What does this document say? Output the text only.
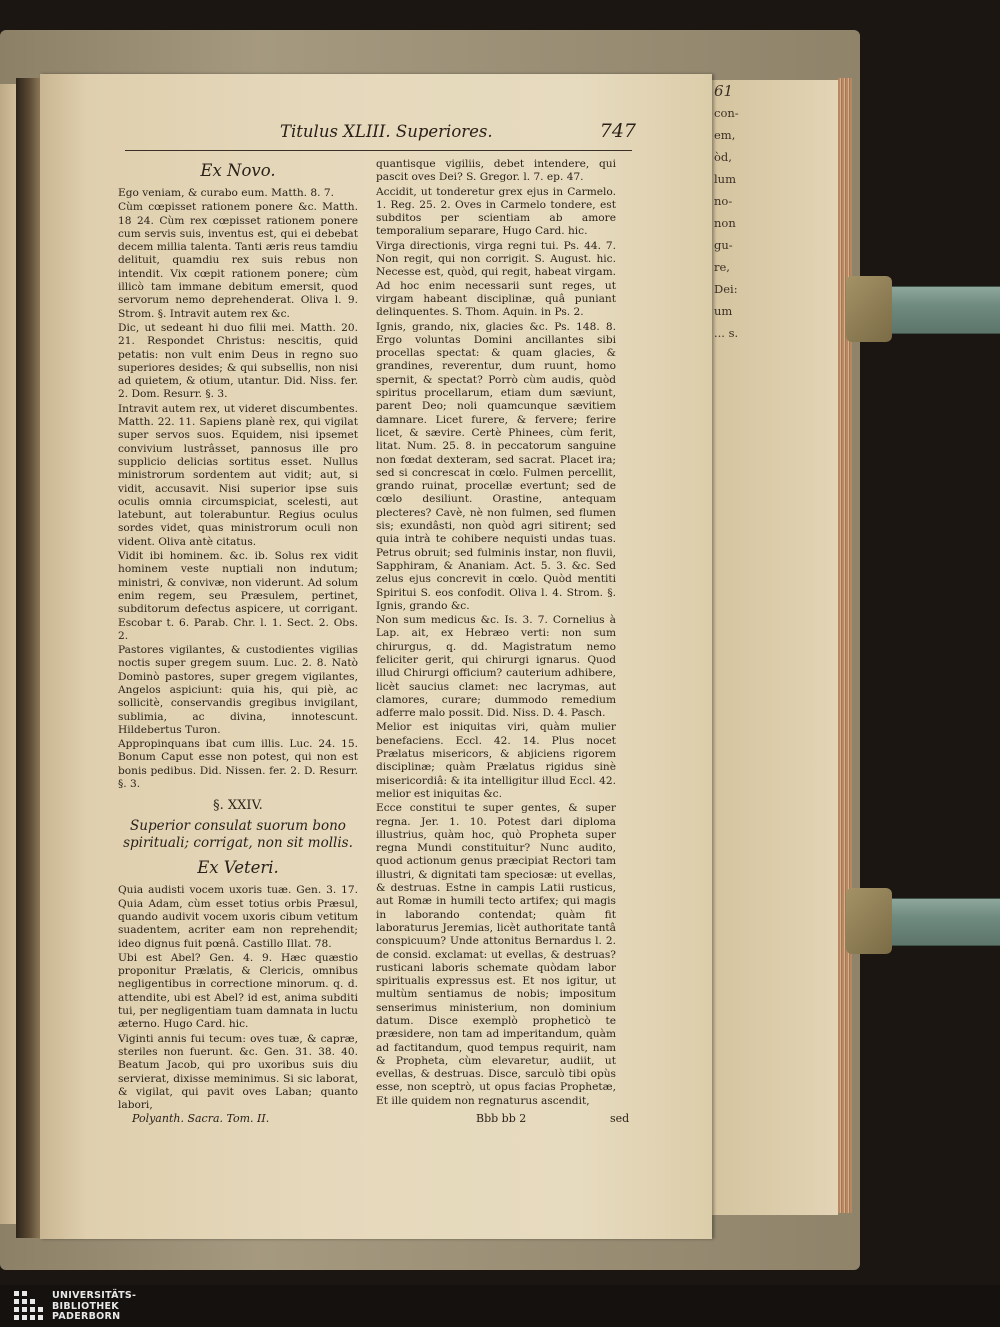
61
con-
em,
òd,
lum
no-
non
gu-
re,
Dei:
um
... s.
Titulus XLIII. Superiores.	747
Ex Novo.

Ego veniam, & curabo eum. Matth. 8. 7.

Cùm cœpisset rationem ponere &c. Matth. 18 24. Cùm rex cœpisset rationem ponere cum servis suis, inventus est, qui ei debebat decem millia talenta. Tanti æris reus tamdiu delituit, quamdiu rex suis rebus non intendit. Vix cœpit rationem ponere; cùm illicò tam immane debitum emersit, quod servorum nemo deprehenderat. Oliva l. 9. Strom. §. Intravit autem rex &c.

Dic, ut sedeant hi duo filii mei. Matth. 20. 21. Respondet Christus: nescitis, quid petatis: non vult enim Deus in regno suo superiores desides; & qui subsellis, non nisi ad quietem, & otium, utantur. Did. Niss. fer. 2. Dom. Resurr. §. 3.

Intravit autem rex, ut videret discumbentes. Matth. 22. 11. Sapiens planè rex, qui vigilat super servos suos. Equidem, nisi ipsemet convivium lustrâsset, pannosus ille pro supplicio delicias sortitus esset. Nullus ministrorum sordentem aut vidit; aut, si vidit, accusavit. Nisi superior ipse suis oculis omnia circumspiciat, scelesti, aut latebunt, aut tolerabuntur. Regius oculus sordes videt, quas ministrorum oculi non vident. Oliva antè citatus.

Vidit ibi hominem. &c. ib. Solus rex vidit hominem veste nuptiali non indutum; ministri, & convivæ, non viderunt. Ad solum enim regem, seu Præsulem, pertinet, subditorum defectus aspicere, ut corrigant. Escobar t. 6. Parab. Chr. l. 1. Sect. 2. Obs. 2.

Pastores vigilantes, & custodientes vigilias noctis super gregem suum. Luc. 2. 8. Natò Dominò pastores, super gregem vigilantes, Angelos aspiciunt: quia his, qui piè, ac sollicitè, conservandis gregibus invigilant, sublimia, ac divina, innotescunt. Hildebertus Turon.

Appropinquans ibat cum illis. Luc. 24. 15. Bonum Caput esse non potest, qui non est bonis pedibus. Did. Nissen. fer. 2. D. Resurr. §. 3.

§. XXIV.
Superior consulat suorum bono spirituali; corrigat, non sit mollis.
Ex Veteri.

Quia audisti vocem uxoris tuæ. Gen. 3. 17. Quia Adam, cùm esset totius orbis Præsul, quando audivit vocem uxoris cibum vetitum suadentem, acriter eam non reprehendit; ideo dignus fuit pœnâ. Castillo Illat. 78.

Ubi est Abel? Gen. 4. 9. Hæc quæstio proponitur Prælatis, & Clericis, omnibus negligentibus in correctione minorum. q. d. attendite, ubi est Abel? id est, anima subditi tui, per negligentiam tuam damnata in luctu æterno. Hugo Card. hic.

Viginti annis fui tecum: oves tuæ, & capræ, steriles non fuerunt. &c. Gen. 31. 38. 40. Beatum Jacob, qui pro uxoribus suis diu servierat, dixisse meminimus. Si sic laborat, & vigilat, qui pavit oves Laban; quanto labori,

quantisque vigiliis, debet intendere, qui pascit oves Dei? S. Gregor. l. 7. ep. 47.

Accidit, ut tonderetur grex ejus in Carmelo. 1. Reg. 25. 2. Oves in Carmelo tondere, est subditos per scientiam ab amore temporalium separare, Hugo Card. hic.

Virga directionis, virga regni tui. Ps. 44. 7. Non regit, qui non corrigit. S. August. hic. Necesse est, quòd, qui regit, habeat virgam. Ad hoc enim necessarii sunt reges, ut virgam habeant disciplinæ, quâ puniant delinquentes. S. Thom. Aquin. in Ps. 2.

Ignis, grando, nix, glacies &c. Ps. 148. 8. Ergo voluntas Domini ancillantes sibi procellas spectat: & quam glacies, & grandines, reverentur, dum ruunt, homo spernit, & spectat? Porrò cùm audis, quòd spiritus procellarum, etiam dum sæviunt, parent Deo; noli quamcunque sævitiem damnare. Licet furere, & fervere; ferire licet, & sævire. Certè Phinees, cùm ferit, litat. Num. 25. 8. in peccatorum sanguine non fœdat dexteram, sed sacrat. Placet ira; sed si concrescat in cœlo. Fulmen percellit, grando ruinat, procellæ evertunt; sed de cœlo desiliunt. Orastine, antequam plecteres? Cavè, nè non fulmen, sed flumen sis; exundâsti, non quòd agri sitirent; sed quia intrà te cohibere nequisti undas tuas. Petrus obruit; sed fulminis instar, non fluvii, Sapphiram, & Ananiam. Act. 5. 3. &c. Sed zelus ejus concrevit in cœlo. Quòd mentiti Spiritui S. eos confodit. Oliva l. 4. Strom. §. Ignis, grando &c.

Non sum medicus &c. Is. 3. 7. Cornelius à Lap. ait, ex Hebræo verti: non sum chirurgus, q. dd. Magistratum nemo feliciter gerit, qui chirurgi ignarus. Quod illud Chirurgi officium? cauterium adhibere, licèt saucius clamet: nec lacrymas, aut clamores, curare; dummodo remedium adferre malo possit. Did. Niss. D. 4. Pasch.

Melior est iniquitas viri, quàm mulier benefaciens. Eccl. 42. 14. Plus nocet Prælatus misericors, & abjiciens rigorem disciplinæ; quàm Prælatus rigidus sinè misericordiâ: & ita intelligitur illud Eccl. 42. melior est iniquitas &c.

Ecce constitui te super gentes, & super regna. Jer. 1. 10. Potest dari diploma illustrius, quàm hoc, quò Propheta super regna Mundi constituitur? Nunc audito, quod actionum genus præcipiat Rectori tam illustri, & dignitati tam speciosæ: ut evellas, & destruas. Estne in campis Latii rusticus, aut Romæ in humili tecto artifex; qui magis in laborando contendat; quàm fit laboraturus Jeremias, licèt authoritate tantâ conspicuum? Unde attonitus Bernardus l. 2. de consid. exclamat: ut evellas, & destruas? rusticani laboris schemate quòdam labor spiritualis expressus est. Et nos igitur, ut multùm sentiamus de nobis; impositum senserimus ministerium, non dominium datum. Disce exemplò propheticò te præsidere, non tam ad imperitandum, quàm ad factitandum, quod tempus requirit, nam & Propheta, cùm elevaretur, audiit, ut evellas, & destruas. Disce, sarculò tibi opùs esse, non sceptrò, ut opus facias Prophetæ, Et ille quidem non regnaturus ascendit,

Polyanth. Sacra. Tom. II.	Bbb bb 2	sed
UNIVERSITÄTS-
BIBLIOTHEK
PADERBORN
